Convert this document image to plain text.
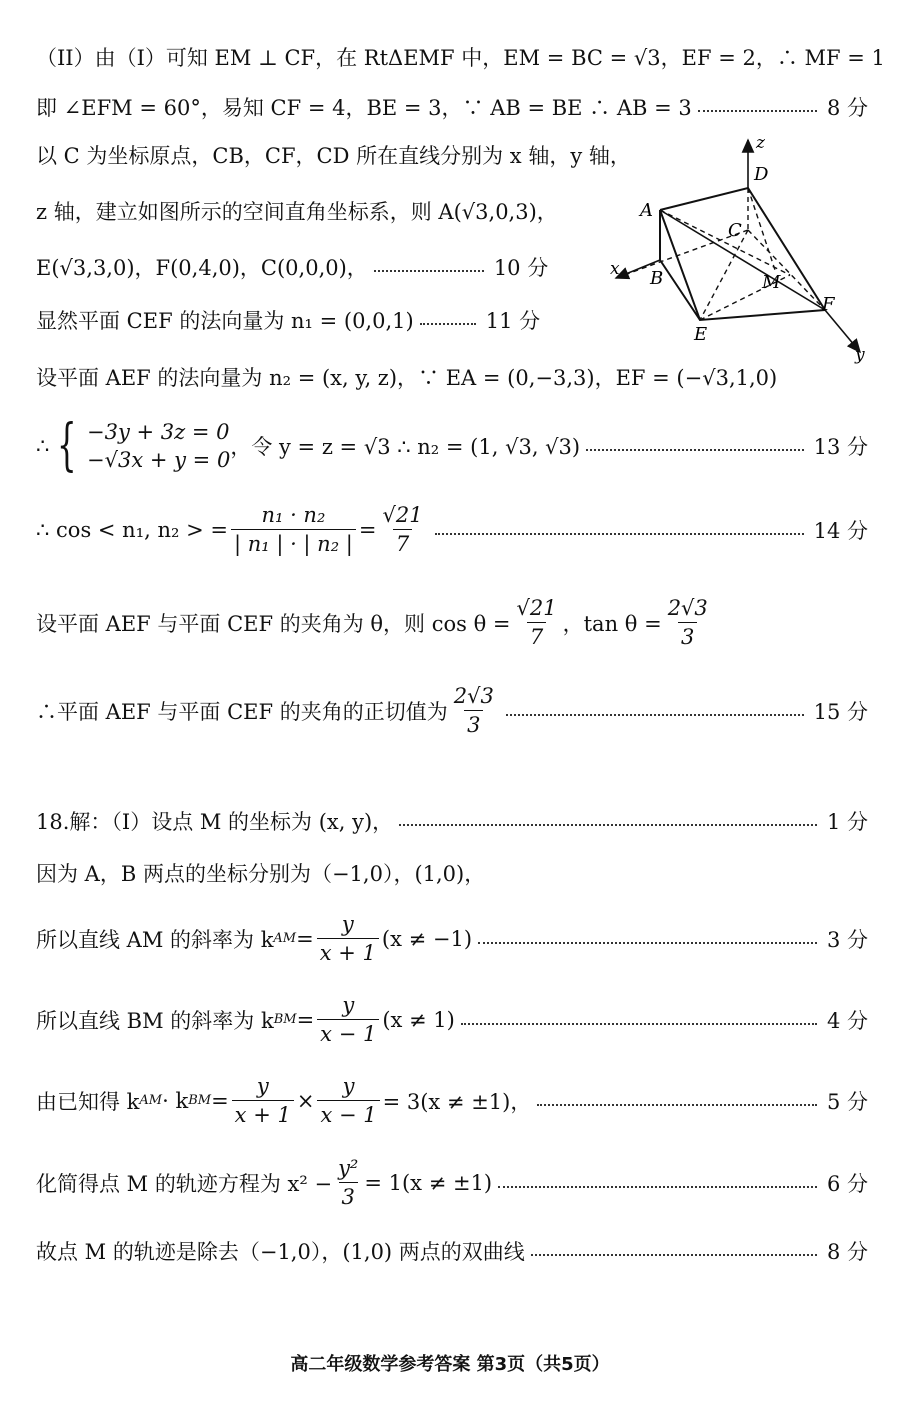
（II）由（I）可知 EM ⊥ CF，在 RtΔEMF 中，EM = BC = √3，EF = 2，∴ MF = 1
即 ∠EFM = 60°，易知 CF = 4，BE = 3，∵ AB = BE ∴ AB = 3	8 分
以 C 为坐标原点，CB，CF，CD 所在直线分别为 x 轴，y 轴，
z 轴，建立如图所示的空间直角坐标系，则 A(√3,0,3)，
E(√3,3,0)，F(0,4,0)，C(0,0,0)，	10 分
显然平面 CEF 的法向量为 n₁ = (0,0,1)	11 分
z
D
A
C
x B	M
F
E
y
设平面 AEF 的法向量为 n₂ = (x, y, z)，∵ EA = (0,−3,3)，EF = (−√3,1,0)
∴ { −3y + 3z = 0
−√3x + y = 0
，令 y = z = √3 ∴ n₂ = (1, √3, √3)	13 分
∴ cos < n₁, n₂ > = $\frac{\text{n₁ · n₂}}{\text{| n₁ | · | n₂ |}} = \frac{√21}{7}$	14 分
设平面 AEF 与平面 CEF 的夹角为 θ，则 $\cos \theta = \frac{√21}{7}$ ，$\tan \theta = \frac{2√3}{3}$
∴平面 AEF 与平面 CEF 的夹角的正切值为 $\frac{2√3}{3}$	15 分
18.解：（I）设点 M 的坐标为 (x, y)，	1 分
因为 A，B 两点的坐标分别为（−1,0），(1,0)，
所以直线 AM 的斜率为 k AM = $\frac{y}{x + 1} (x \ne -1)$	3 分
所以直线 BM 的斜率为 k BM = $\frac{y}{x - 1} (x \ne 1)$	4 分
由已知得 k AM · k BM = $\frac{y}{x + 1} \times \frac{y}{x - 1} = 3(x \ne \pm 1)$，	5 分
化简得点 M 的轨迹方程为 $x^2 - \frac{\text{y²}}{3} = 1(x \ne \pm 1)$	6 分
故点 M 的轨迹是除去（−1,0），(1,0) 两点的双曲线	8 分
高二年级数学参考答案 第3页（共5页）
